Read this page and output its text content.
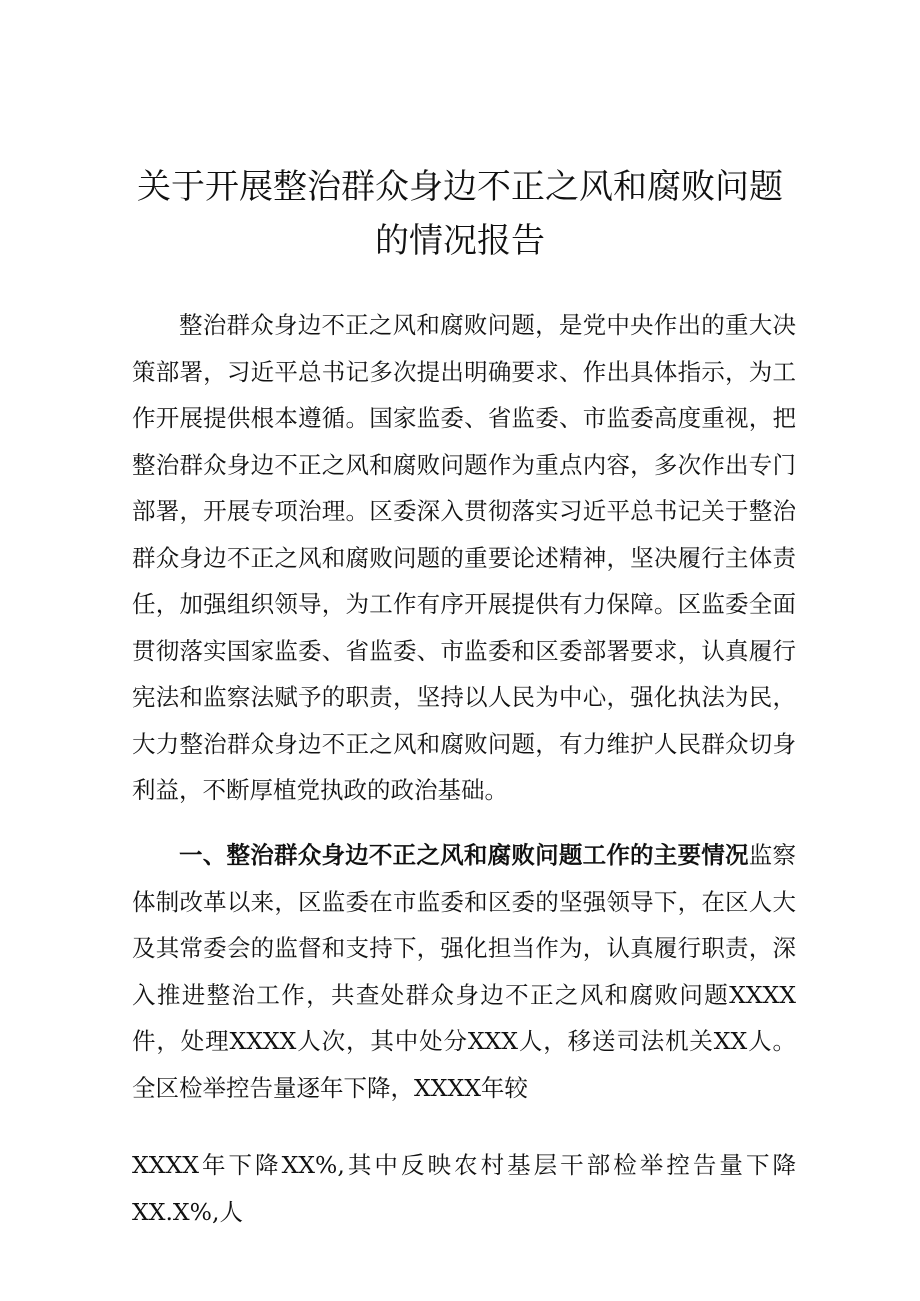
关于开展整治群众身边不正之风和腐败问题的情况报告

整治群众身边不正之风和腐败问题，是党中央作出的重大决策部署，习近平总书记多次提出明确要求、作出具体指示，为工作开展提供根本遵循。国家监委、省监委、市监委高度重视，把整治群众身边不正之风和腐败问题作为重点内容，多次作出专门部署，开展专项治理。区委深入贯彻落实习近平总书记关于整治群众身边不正之风和腐败问题的重要论述精神，坚决履行主体责任，加强组织领导，为工作有序开展提供有力保障。区监委全面贯彻落实国家监委、省监委、市监委和区委部署要求，认真履行宪法和监察法赋予的职责，坚持以人民为中心，强化执法为民，大力整治群众身边不正之风和腐败问题，有力维护人民群众切身利益，不断厚植党执政的政治基础。

一、整治群众身边不正之风和腐败问题工作的主要情况监察体制改革以来，区监委在市监委和区委的坚强领导下，在区人大及其常委会的监督和支持下，强化担当作为，认真履行职责，深入推进整治工作，共查处群众身边不正之风和腐败问题XXXX件，处理XXXX人次，其中处分XXX人，移送司法机关XX人。全区检举控告量逐年下降，XXXX年较

XXXX年下降XX%,其中反映农村基层干部检举控告量下降XX.X%,人
